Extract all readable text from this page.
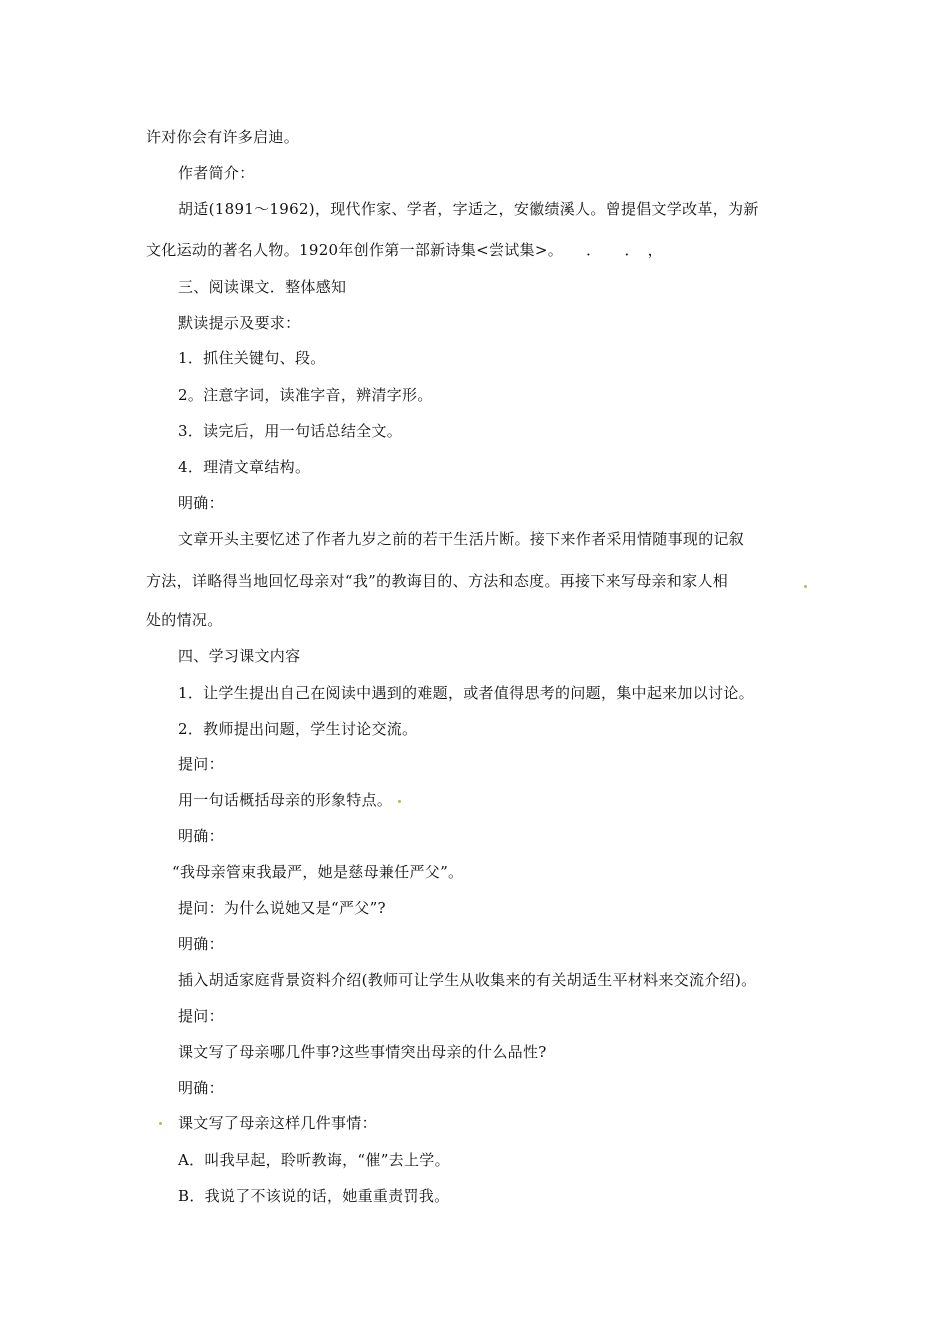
许对你会有许多启迪。
作者简介：
胡适(1891～1962)，现代作家、学者，字适之，安徽绩溪人。曾提倡文学改革，为新
文化运动的著名人物。1920年创作第一部新诗集<尝试集>。　　．　　．　，
三、阅读课文．整体感知
默读提示及要求：
1．抓住关键句、段。
2。注意字词，读准字音，辨清字形。
3．读完后，用一句话总结全文。
4．理清文章结构。
明确：
文章开头主要忆述了作者九岁之前的若干生活片断。接下来作者采用情随事现的记叙
方法，详略得当地回忆母亲对“我”的教诲目的、方法和态度。再接下来写母亲和家人相
处的情况。
四、学习课文内容
1．让学生提出自己在阅读中遇到的难题，或者值得思考的问题，集中起来加以讨论。
2．教师提出问题，学生讨论交流。
提问：
用一句话概括母亲的形象特点。
明确：
“我母亲管束我最严，她是慈母兼任严父”。
提问：为什么说她又是“严父”?
明确：
插入胡适家庭背景资料介绍(教师可让学生从收集来的有关胡适生平材料来交流介绍)。
提问：
课文写了母亲哪几件事?这些事情突出母亲的什么品性?
明确：
课文写了母亲这样几件事情：
A．叫我早起，聆听教诲，“催”去上学。
B．我说了不该说的话，她重重责罚我。
